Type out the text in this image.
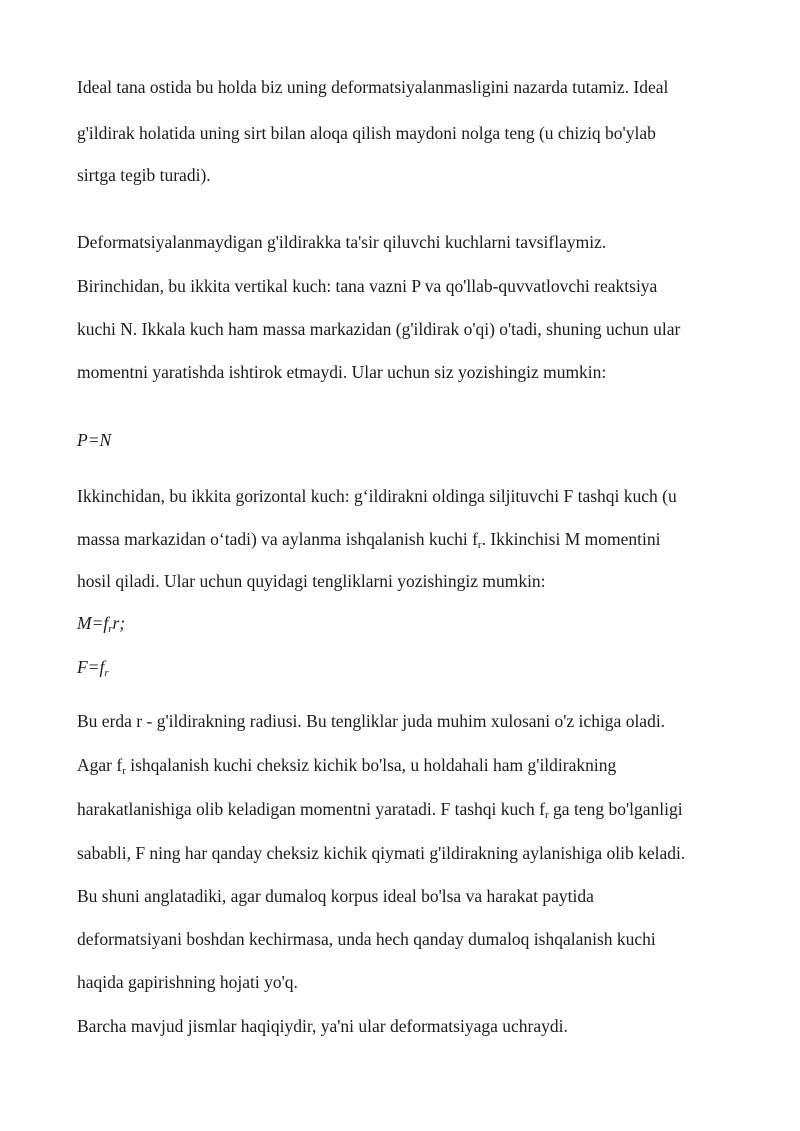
Ideal tana ostida bu holda biz uning deformatsiyalanmasligini nazarda tutamiz. Ideal
g'ildirak holatida uning sirt bilan aloqa qilish maydoni nolga teng (u chiziq bo'ylab
sirtga tegib turadi).
Deformatsiyalanmaydigan g'ildirakka ta'sir qiluvchi kuchlarni tavsiflaymiz.
Birinchidan, bu ikkita vertikal kuch: tana vazni P va qo'llab-quvvatlovchi reaktsiya
kuchi N. Ikkala kuch ham massa markazidan (g'ildirak o'qi) o'tadi, shuning uchun ular
momentni yaratishda ishtirok etmaydi. Ular uchun siz yozishingiz mumkin:
P=N
Ikkinchidan, bu ikkita gorizontal kuch: g‘ildirakni oldinga siljituvchi F tashqi kuch (u
massa markazidan o‘tadi) va aylanma ishqalanish kuchi $f_r$. Ikkinchisi M momentini
hosil qiladi. Ular uchun quyidagi tengliklarni yozishingiz mumkin:
$M=f_rr$;
$F=f_r$
Bu erda r - g'ildirakning radiusi. Bu tengliklar juda muhim xulosani o'z ichiga oladi.
Agar $f_r$ ishqalanish kuchi cheksiz kichik bo'lsa, u holdahali ham g'ildirakning
harakatlanishiga olib keladigan momentni yaratadi. F tashqi kuch $f_r$ ga teng bo'lganligi
sababli, F ning har qanday cheksiz kichik qiymati g'ildirakning aylanishiga olib keladi.
Bu shuni anglatadiki, agar dumaloq korpus ideal bo'lsa va harakat paytida
deformatsiyani boshdan kechirmasa, unda hech qanday dumaloq ishqalanish kuchi
haqida gapirishning hojati yo'q.
Barcha mavjud jismlar haqiqiydir, ya'ni ular deformatsiyaga uchraydi.
